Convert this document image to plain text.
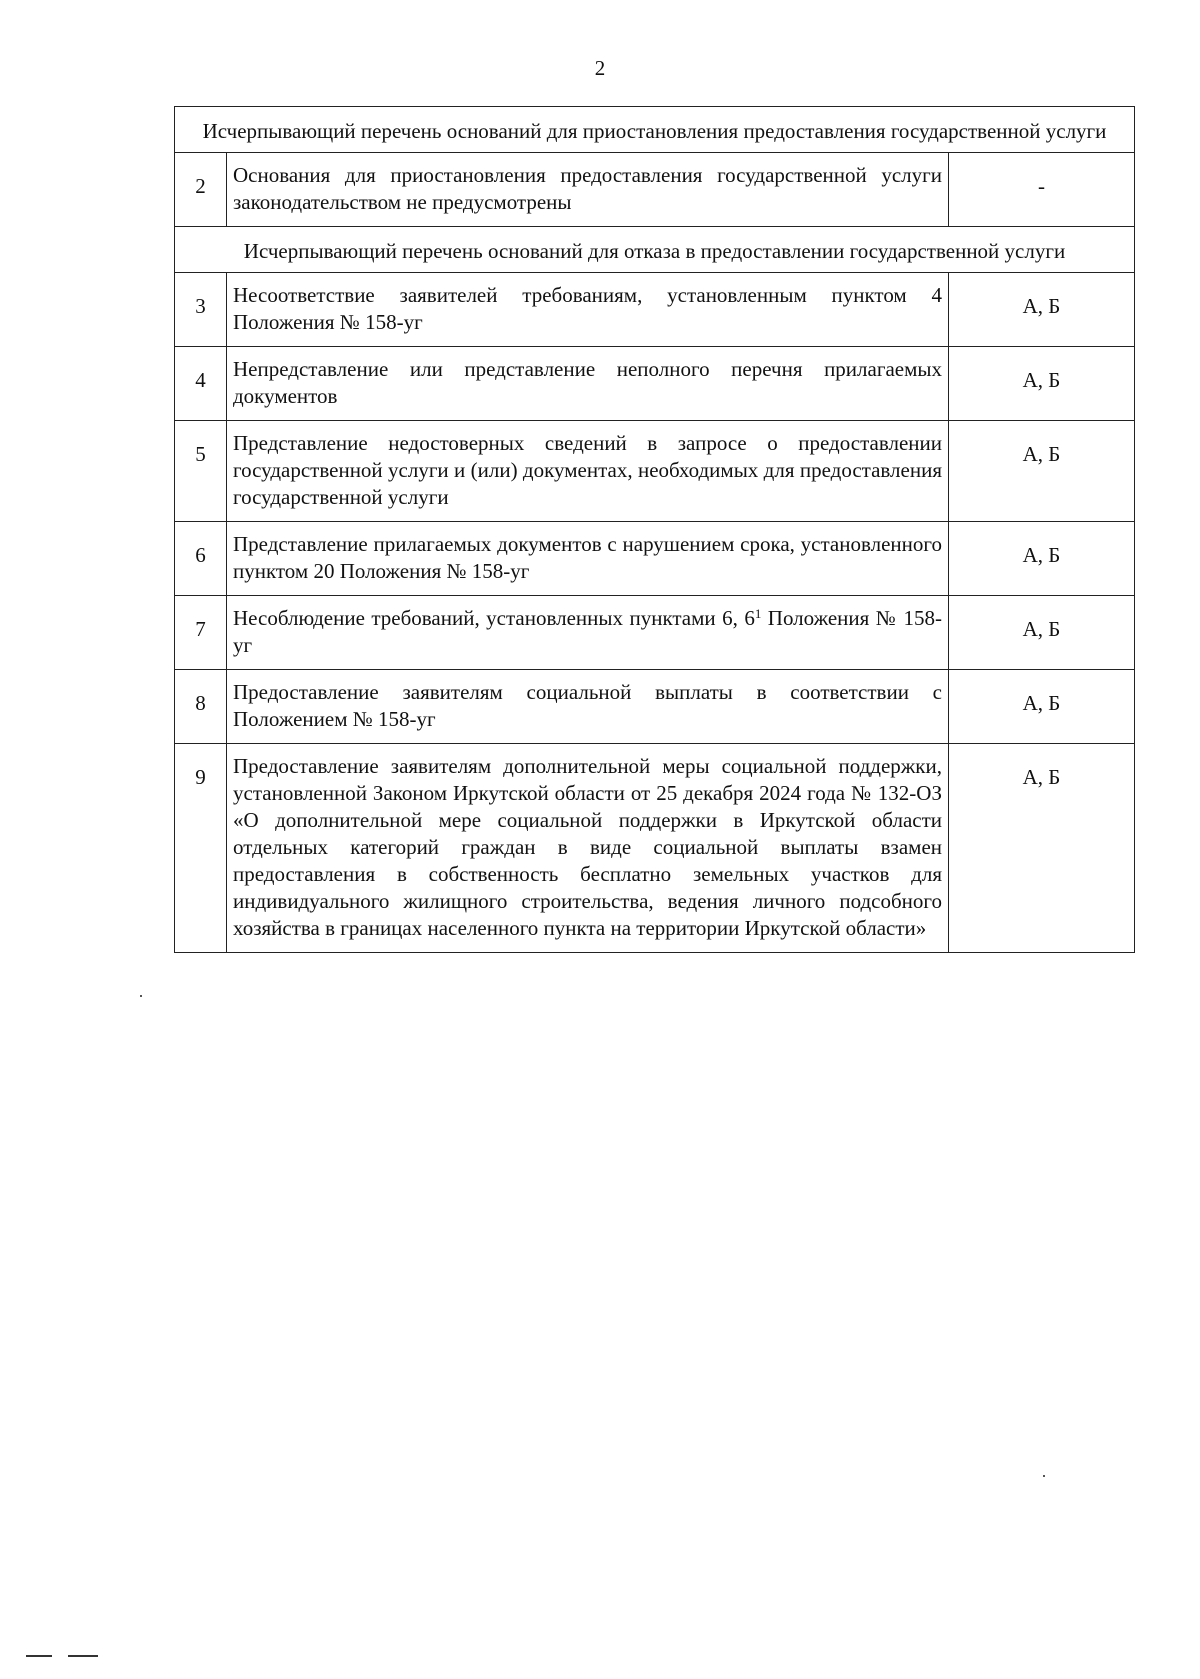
2
Исчерпывающий перечень оснований для приостановления предоставления государственной услуги		
2	Основания для приостановления предоставления государственной услуги законодательством не предусмотрены	-
Исчерпывающий перечень оснований для отказа в предоставлении государственной услуги		
3	Несоответствие заявителей требованиям, установленным пунктом 4 Положения № 158-уг	А, Б
4	Непредставление или представление неполного перечня прилагаемых документов	А, Б
5	Представление недостоверных сведений в запросе о предоставлении государственной услуги и (или) документах, необходимых для предоставления государственной услуги	А, Б
6	Представление прилагаемых документов с нарушением срока, установленного пунктом 20 Положения № 158-уг	А, Б
7	Несоблюдение требований, установленных пунктами 6, $6^1$ Положения № 158-уг	А, Б
8	Предоставление заявителям социальной выплаты в соответствии с Положением № 158-уг	А, Б
9	Предоставление заявителям дополнительной меры социальной поддержки, установленной Законом Иркутской области от 25 декабря 2024 года № 132-ОЗ «О дополнительной мере социальной поддержки в Иркутской области отдельных категорий граждан в виде социальной выплаты взамен предоставления в собственность бесплатно земельных участков для индивидуального жилищного строительства, ведения личного подсобного хозяйства в границах населенного пункта на территории Иркутской области»	А, Б
